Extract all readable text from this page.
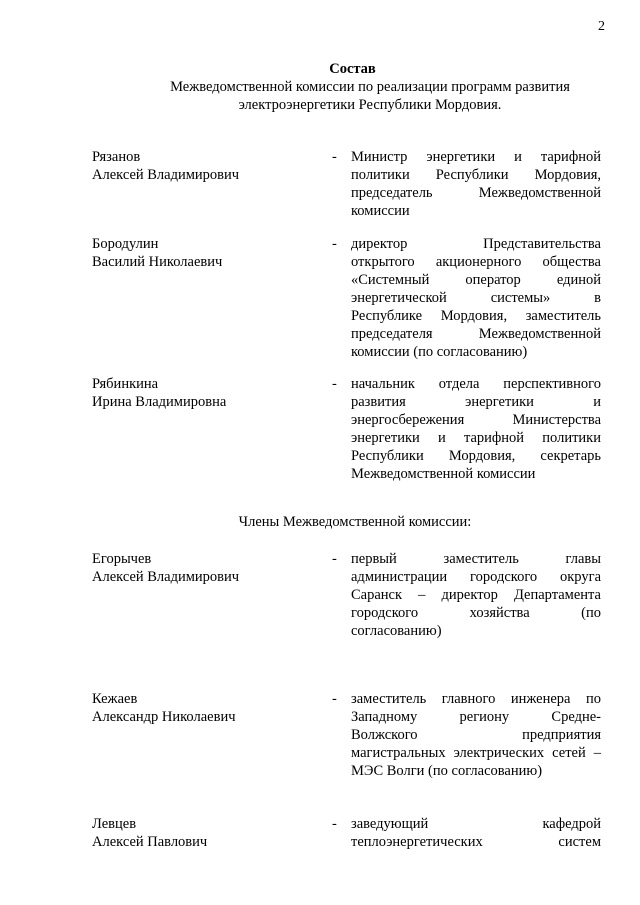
2
Состав
Межведомственной комиссии по реализации программ развития
электроэнергетики Республики Мордовия.
Рязанов
Алексей Владимирович
- Министр энергетики и тарифной
политики Республики Мордовия,
председатель Межведомственной
комиссии
Бородулин
Василий Николаевич
- директор Представительства
открытого акционерного общества
«Системный оператор единой
энергетической системы» в
Республике Мордовия, заместитель
председателя Межведомственной
комиссии (по согласованию)
Рябинкина
Ирина Владимировна
- начальник отдела перспективного
развития энергетики и
энергосбережения Министерства
энергетики и тарифной политики
Республики Мордовия, секретарь
Межведомственной комиссии
Члены Межведомственной комиссии:
Егорычев
Алексей Владимирович
- первый заместитель главы
администрации городского округа
Саранск – директор Департамента
городского хозяйства (по
согласованию)
Кежаев
Александр Николаевич
- заместитель главного инженера по
Западному региону Средне-
Волжского предприятия
магистральных электрических сетей –
МЭС Волги (по согласованию)
Левцев
Алексей Павлович
- заведующий кафедрой
теплоэнергетических систем
